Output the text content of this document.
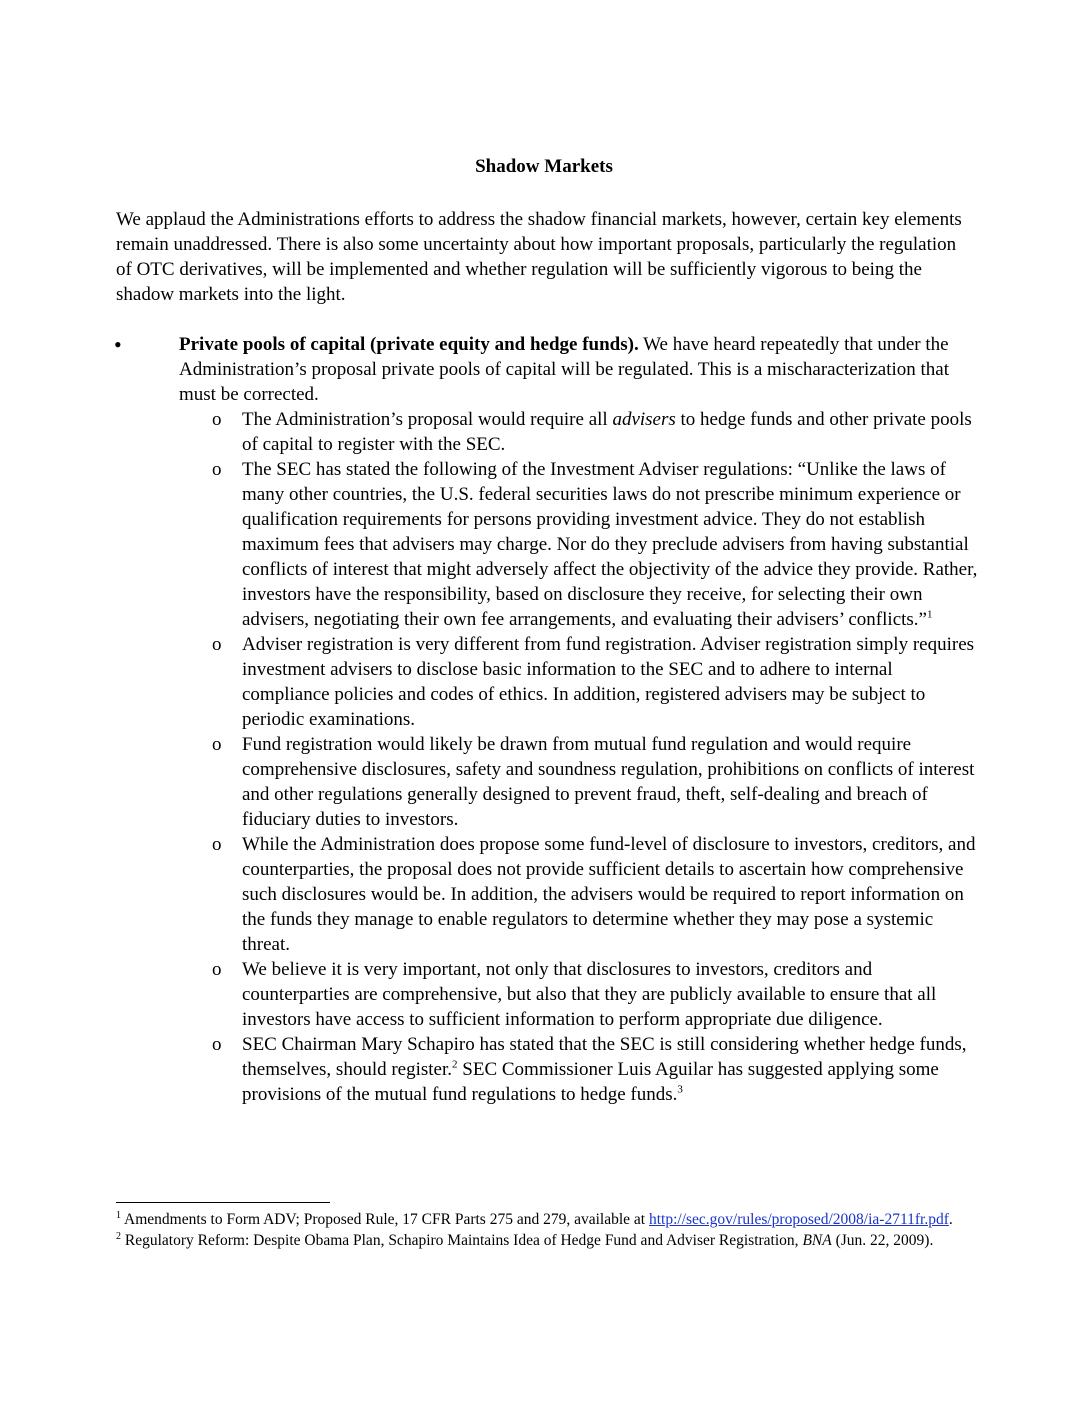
Shadow Markets

We applaud the Administrations efforts to address the shadow financial markets, however, certain key elements remain unaddressed. There is also some uncertainty about how important proposals, particularly the regulation of OTC derivatives, will be implemented and whether regulation will be sufficiently vigorous to being the shadow markets into the light.

•	Private pools of capital (private equity and hedge funds). We have heard repeatedly that under the Administration’s proposal private pools of capital will be regulated. This is a mischaracterization that must be corrected.

o The Administration’s proposal would require all advisers to hedge funds and other private pools of capital to register with the SEC.
o The SEC has stated the following of the Investment Adviser regulations: “Unlike the laws of many other countries, the U.S. federal securities laws do not prescribe minimum experience or qualification requirements for persons providing investment advice. They do not establish maximum fees that advisers may charge. Nor do they preclude advisers from having substantial conflicts of interest that might adversely affect the objectivity of the advice they provide. Rather, investors have the responsibility, based on disclosure they receive, for selecting their own advisers, negotiating their own fee arrangements, and evaluating their advisers’ conflicts.”$^1$
o Adviser registration is very different from fund registration. Adviser registration simply requires investment advisers to disclose basic information to the SEC and to adhere to internal compliance policies and codes of ethics. In addition, registered advisers may be subject to periodic examinations.
o Fund registration would likely be drawn from mutual fund regulation and would require comprehensive disclosures, safety and soundness regulation, prohibitions on conflicts of interest and other regulations generally designed to prevent fraud, theft, self-dealing and breach of fiduciary duties to investors.
o While the Administration does propose some fund-level of disclosure to investors, creditors, and counterparties, the proposal does not provide sufficient details to ascertain how comprehensive such disclosures would be. In addition, the advisers would be required to report information on the funds they manage to enable regulators to determine whether they may pose a systemic threat.
o We believe it is very important, not only that disclosures to investors, creditors and counterparties are comprehensive, but also that they are publicly available to ensure that all investors have access to sufficient information to perform appropriate due diligence.
o SEC Chairman Mary Schapiro has stated that the SEC is still considering whether hedge funds, themselves, should register.$^2$ SEC Commissioner Luis Aguilar has suggested applying some provisions of the mutual fund regulations to hedge funds.$^3$

$^1$ Amendments to Form ADV; Proposed Rule, 17 CFR Parts 275 and 279, available at http://sec.gov/rules/proposed/2008/ia-2711fr.pdf.

$^2$ Regulatory Reform: Despite Obama Plan, Schapiro Maintains Idea of Hedge Fund and Adviser Registration, BNA (Jun. 22, 2009).
